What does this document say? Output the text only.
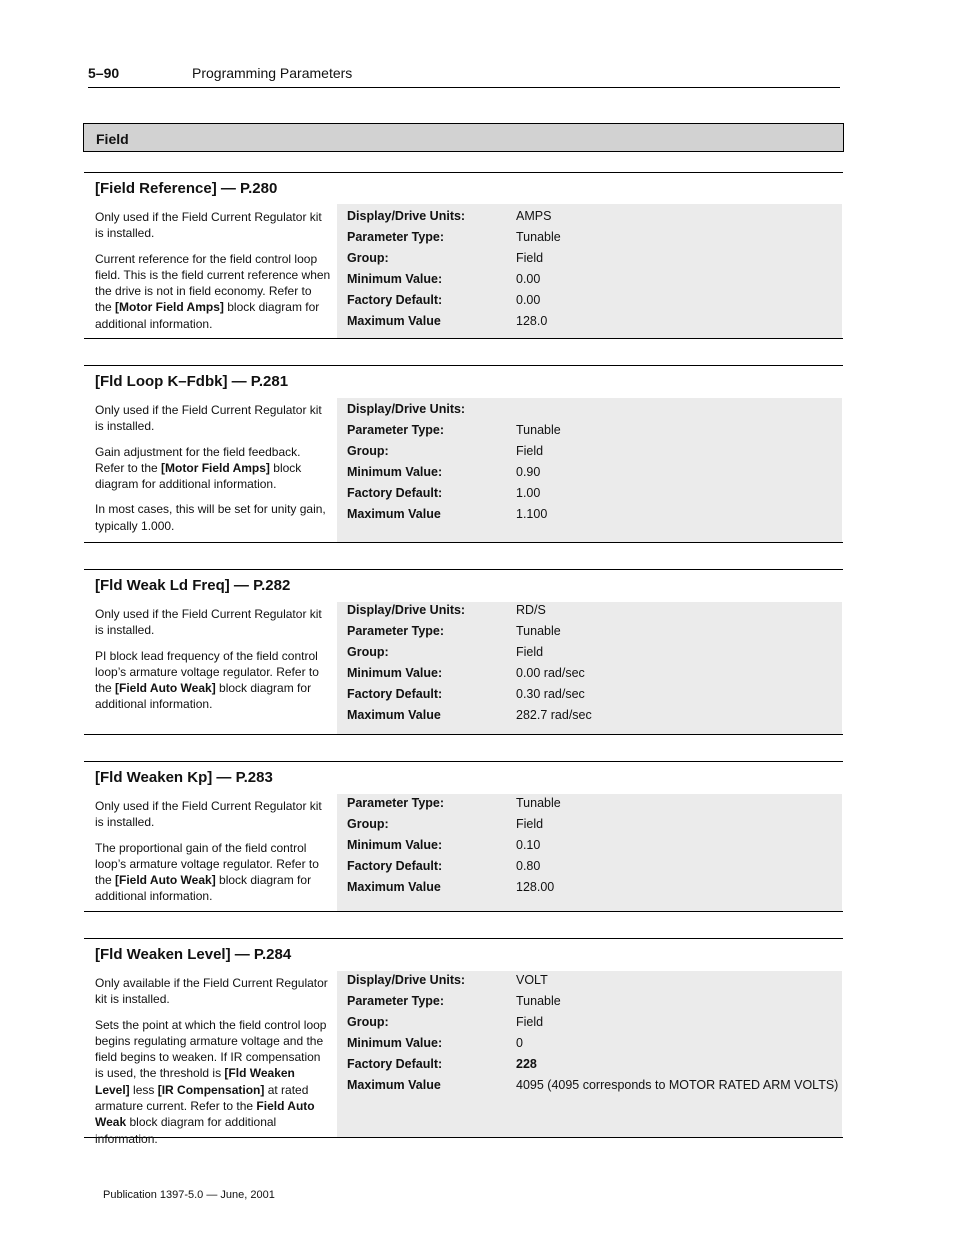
5–90	Programming Parameters
Field
[Field Reference] — P.280

Only used if the Field Current Regulator kit is installed.

Current reference for the field control loop field. This is the field current reference when the drive is not in field economy. Refer to the [Motor Field Amps] block diagram for additional information.

Display/Drive Units:	AMPS
Parameter Type:	Tunable
Group:	Field
Minimum Value:	0.00
Factory Default:	0.00
Maximum Value	128.0
[Fld Loop K–Fdbk] — P.281

Only used if the Field Current Regulator kit is installed.

Gain adjustment for the field feedback. Refer to the [Motor Field Amps] block diagram for additional information.

In most cases, this will be set for unity gain, typically 1.000.

Display/Drive Units:
Parameter Type:	Tunable
Group:	Field
Minimum Value:	0.90
Factory Default:	1.00
Maximum Value	1.100
[Fld Weak Ld Freq] — P.282

Only used if the Field Current Regulator kit is installed.

PI block lead frequency of the field control loop’s armature voltage regulator. Refer to the [Field Auto Weak] block diagram for additional information.

Display/Drive Units:	RD/S
Parameter Type:	Tunable
Group:	Field
Minimum Value:	0.00 rad/sec
Factory Default:	0.30 rad/sec
Maximum Value	282.7 rad/sec
[Fld Weaken Kp] — P.283

Only used if the Field Current Regulator kit is installed.

The proportional gain of the field control loop’s armature voltage regulator. Refer to the [Field Auto Weak] block diagram for additional information.

Parameter Type:	Tunable
Group:	Field
Minimum Value:	0.10
Factory Default:	0.80
Maximum Value	128.00
[Fld Weaken Level] — P.284

Only available if the Field Current Regulator kit is installed.

Sets the point at which the field control loop begins regulating armature voltage and the field begins to weaken. If IR compensation is used, the threshold is [Fld Weaken Level] less [IR Compensation] at rated armature current. Refer to the Field Auto Weak block diagram for additional information.

Display/Drive Units:	VOLT
Parameter Type:	Tunable
Group:	Field
Minimum Value:	0
Factory Default:	228
Maximum Value	4095 (4095 corresponds to MOTOR RATED ARM VOLTS)
Publication 1397-5.0 — June, 2001
